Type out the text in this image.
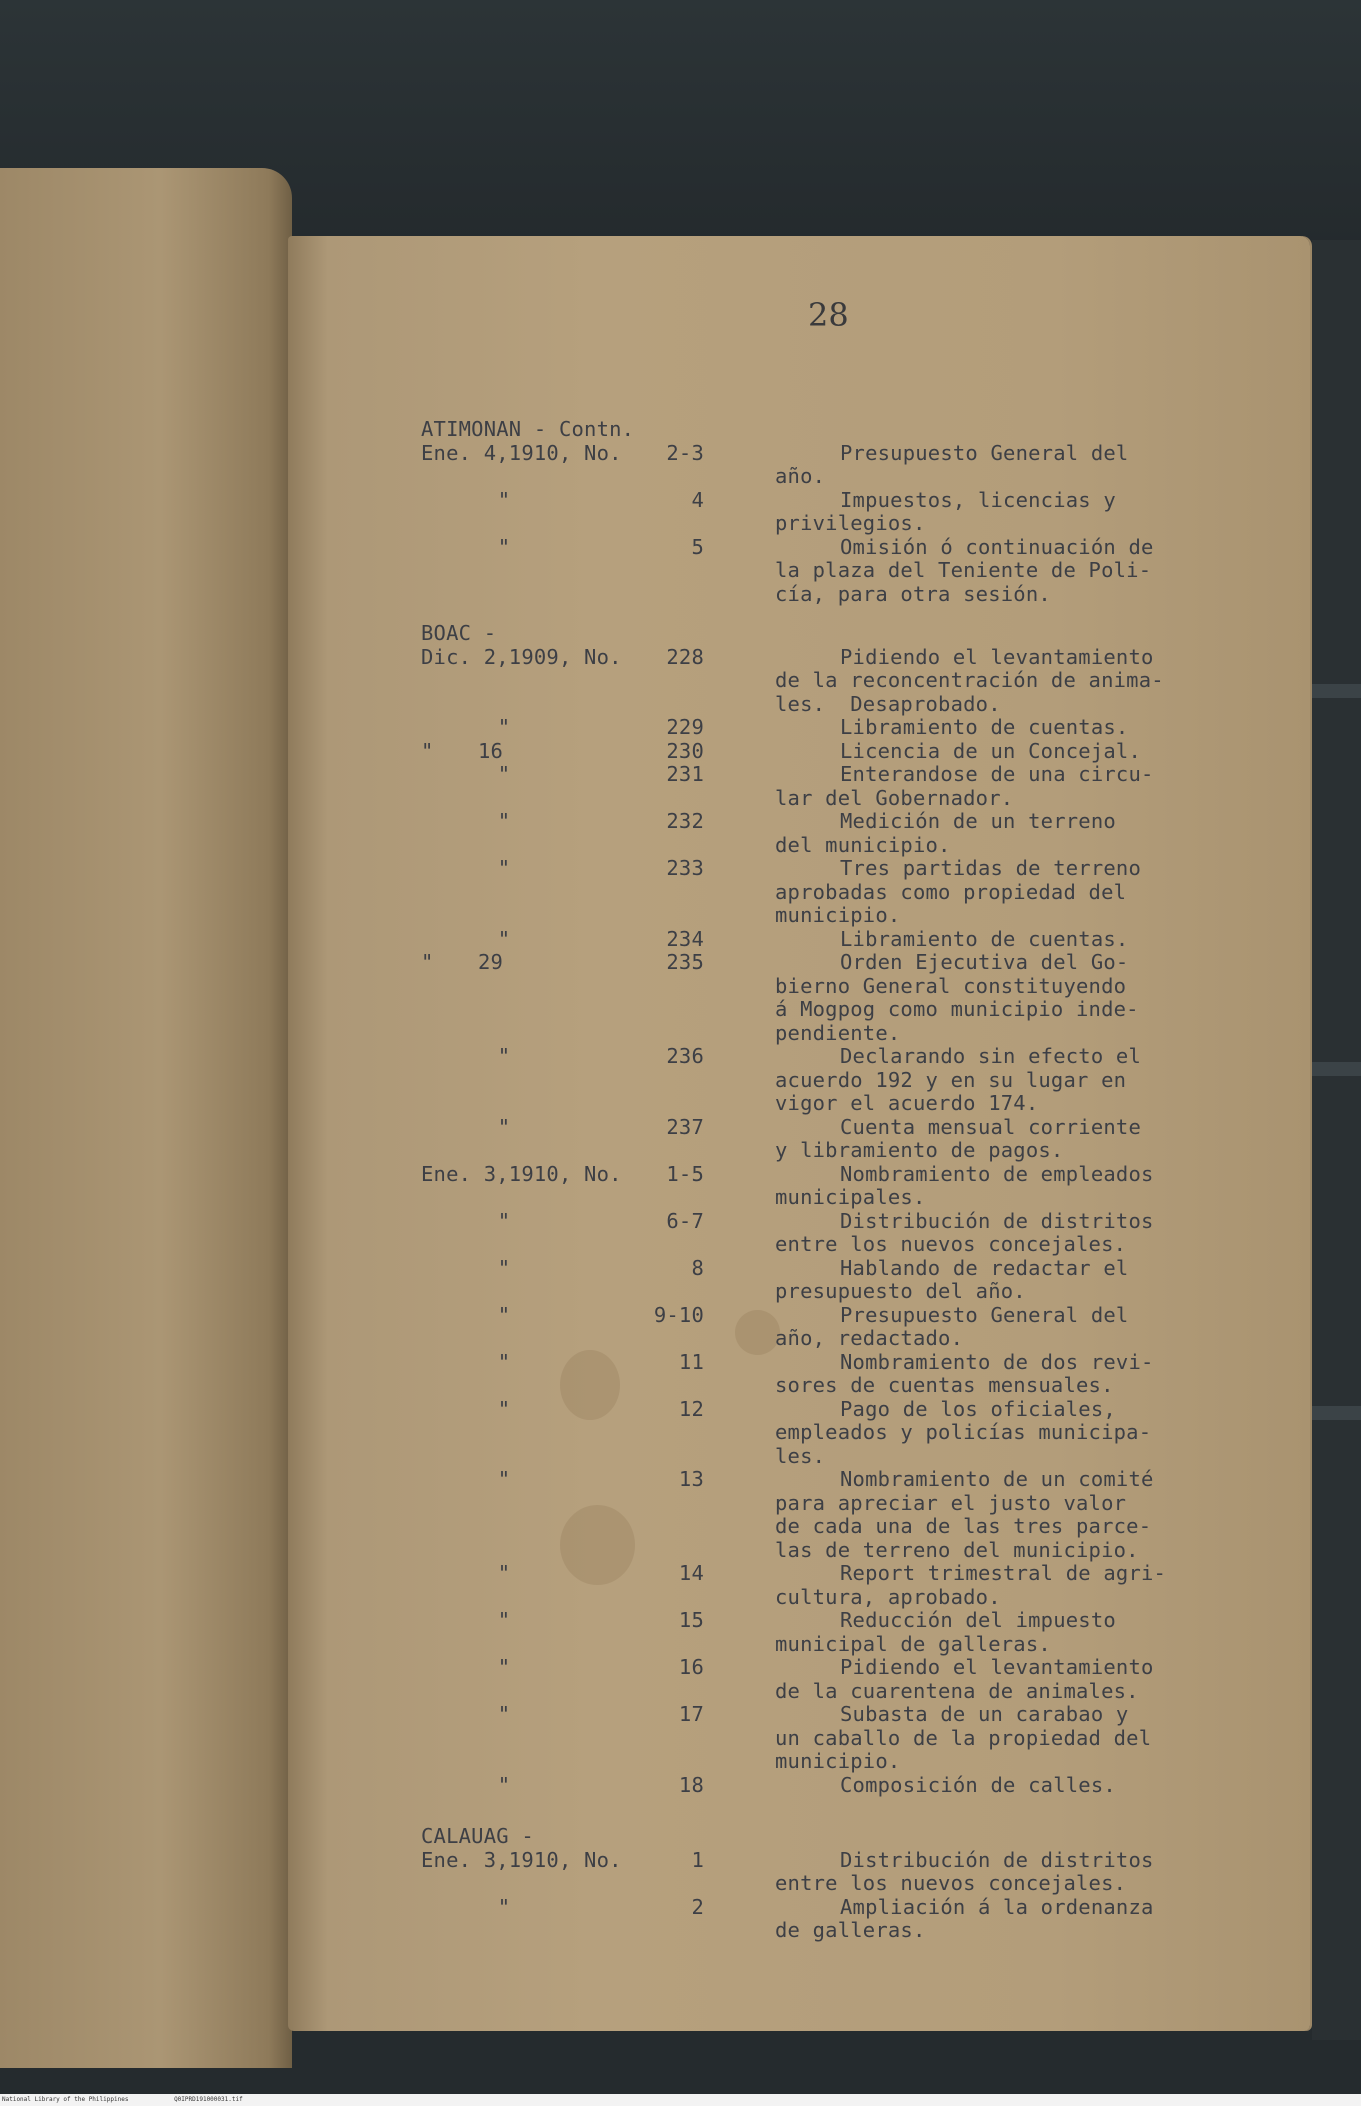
28
ATIMONAN - Contn.
Ene. 4,1910, No.	2-3	Presupuesto General del
año.
"	4	Impuestos, licencias y
privilegios.
"	5	Omisión ó continuación de
la plaza del Teniente de Poli-
cía, para otra sesión.
BOAC -
Dic. 2,1909, No.	228	Pidiendo el levantamiento
de la reconcentración de anima-
les.  Desaprobado.
"	229	Libramiento de cuentas.
" 16	230	Licencia de un Concejal.
"	231	Enterandose de una circu-
lar del Gobernador.
"	232	Medición de un terreno
del municipio.
"	233	Tres partidas de terreno
aprobadas como propiedad del
municipio.
"	234	Libramiento de cuentas.
" 29	235	Orden Ejecutiva del Go-
bierno General constituyendo
á Mogpog como municipio inde-
pendiente.
"	236	Declarando sin efecto el
acuerdo 192 y en su lugar en
vigor el acuerdo 174.
"	237	Cuenta mensual corriente
y libramiento de pagos.
Ene. 3,1910, No.	1-5	Nombramiento de empleados
municipales.
"	6-7	Distribución de distritos
entre los nuevos concejales.
"	8	Hablando de redactar el
presupuesto del año.
"	9-10	Presupuesto General del
año, redactado.
"	11	Nombramiento de dos revi-
sores de cuentas mensuales.
"	12	Pago de los oficiales,
empleados y policías municipa-
les.
"	13	Nombramiento de un comité
para apreciar el justo valor
de cada una de las tres parce-
las de terreno del municipio.
"	14	Report trimestral de agri-
cultura, aprobado.
"	15	Reducción del impuesto
municipal de galleras.
"	16	Pidiendo el levantamiento
de la cuarentena de animales.
"	17	Subasta de un carabao y
un caballo de la propiedad del
municipio.
"	18	Composición de calles.
CALAUAG -
Ene. 3,1910, No.	1	Distribución de distritos
entre los nuevos concejales.
"	2	Ampliación á la ordenanza
de galleras.
National Library of the Philippines	Q0IPRD191000031.tif
